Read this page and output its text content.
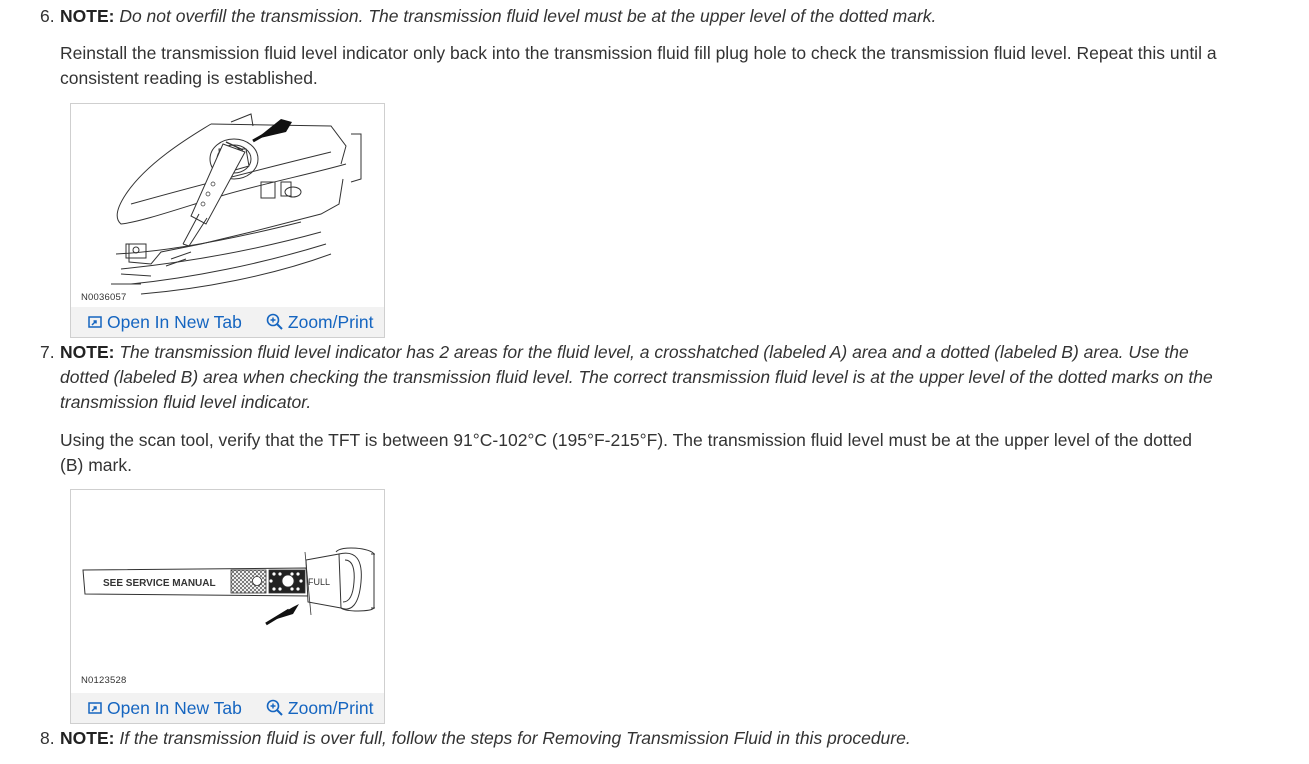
6. NOTE: Do not overfill the transmission. The transmission fluid level must be at the upper level of the dotted mark.
Reinstall the transmission fluid level indicator only back into the transmission fluid fill plug hole to check the transmission fluid level. Repeat this until a consistent reading is established.
N0036057
Open In New Tab	Zoom/Print
7. NOTE: The transmission fluid level indicator has 2 areas for the fluid level, a crosshatched (labeled A) area and a dotted (labeled B) area. Use the dotted (labeled B) area when checking the transmission fluid level. The correct transmission fluid level is at the upper level of the dotted marks on the transmission fluid level indicator.
Using the scan tool, verify that the TFT is between 91°C-102°C (195°F-215°F). The transmission fluid level must be at the upper level of the dotted (B) mark.
FULL
SEE SERVICE MANUAL
N0123528
Open In New Tab	Zoom/Print
8. NOTE: If the transmission fluid is over full, follow the steps for Removing Transmission Fluid in this procedure.
